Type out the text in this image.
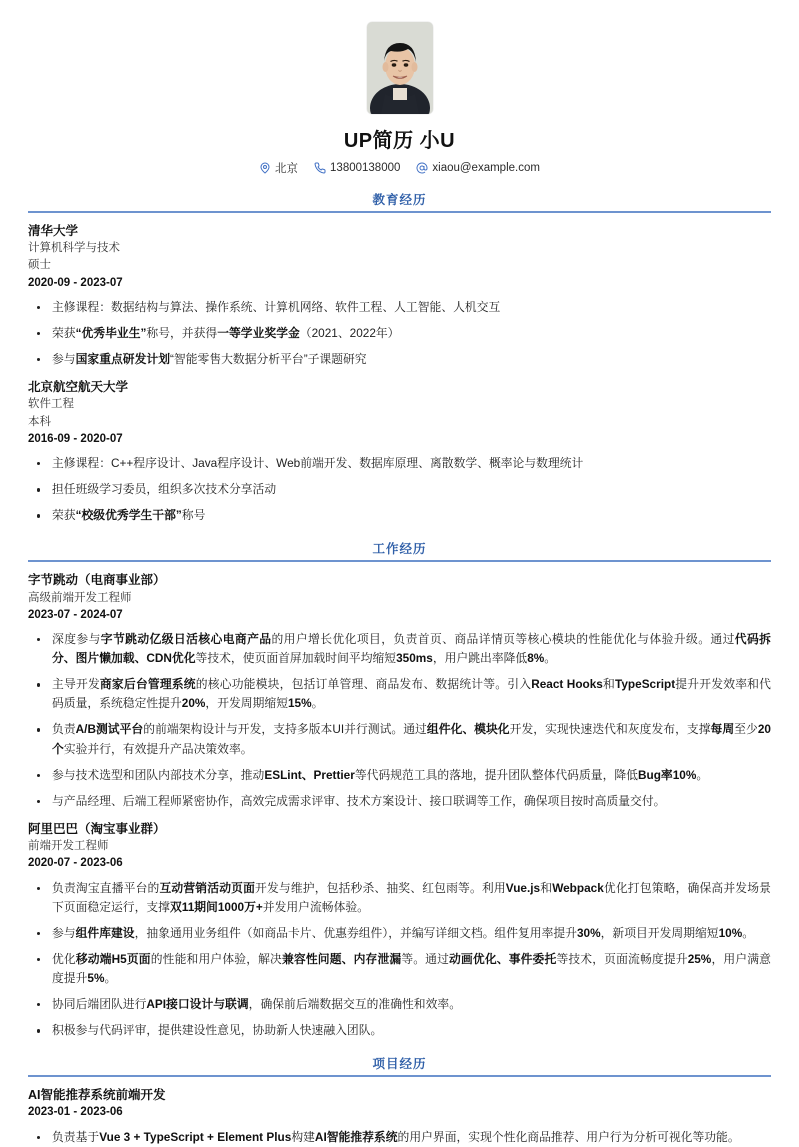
UP简历 小U
北京	13800138000	xiaou@example.com
教育经历
清华大学
计算机科学与技术
硕士
2020-09 - 2023-07
主修课程：数据结构与算法、操作系统、计算机网络、软件工程、人工智能、人机交互
荣获“优秀毕业生”称号，并获得一等学业奖学金（2021、2022年）
参与国家重点研发计划“智能零售大数据分析平台”子课题研究
北京航空航天大学
软件工程
本科
2016-09 - 2020-07
主修课程：C++程序设计、Java程序设计、Web前端开发、数据库原理、离散数学、概率论与数理统计
担任班级学习委员，组织多次技术分享活动
荣获“校级优秀学生干部”称号
工作经历
字节跳动（电商事业部）
高级前端开发工程师
2023-07 - 2024-07
深度参与字节跳动亿级日活核心电商产品的用户增长优化项目，负责首页、商品详情页等核心模块的性能优化与体验升级。通过代码拆分、图片懒加载、CDN优化等技术，使页面首屏加载时间平均缩短350ms，用户跳出率降低8%。
主导开发商家后台管理系统的核心功能模块，包括订单管理、商品发布、数据统计等。引入React Hooks和TypeScript提升开发效率和代码质量，系统稳定性提升20%，开发周期缩短15%。
负责A/B测试平台的前端架构设计与开发，支持多版本UI并行测试。通过组件化、模块化开发，实现快速迭代和灰度发布，支撑每周至少20个实验并行，有效提升产品决策效率。
参与技术选型和团队内部技术分享，推动ESLint、Prettier等代码规范工具的落地，提升团队整体代码质量，降低Bug率10%。
与产品经理、后端工程师紧密协作，高效完成需求评审、技术方案设计、接口联调等工作，确保项目按时高质量交付。
阿里巴巴（淘宝事业群）
前端开发工程师
2020-07 - 2023-06
负责淘宝直播平台的互动营销活动页面开发与维护，包括秒杀、抽奖、红包雨等。利用Vue.js和Webpack优化打包策略，确保高并发场景下页面稳定运行，支撑双11期间1000万+并发用户流畅体验。
参与组件库建设，抽象通用业务组件（如商品卡片、优惠券组件），并编写详细文档。组件复用率提升30%，新项目开发周期缩短10%。
优化移动端H5页面的性能和用户体验，解决兼容性问题、内存泄漏等。通过动画优化、事件委托等技术，页面流畅度提升25%，用户满意度提升5%。
协同后端团队进行API接口设计与联调，确保前后端数据交互的准确性和效率。
积极参与代码评审，提供建设性意见，协助新人快速融入团队。
项目经历
AI智能推荐系统前端开发
2023-01 - 2023-06
负责基于Vue 3 + TypeScript + Element Plus构建AI智能推荐系统的用户界面，实现个性化商品推荐、用户行为分析可视化等功能。
